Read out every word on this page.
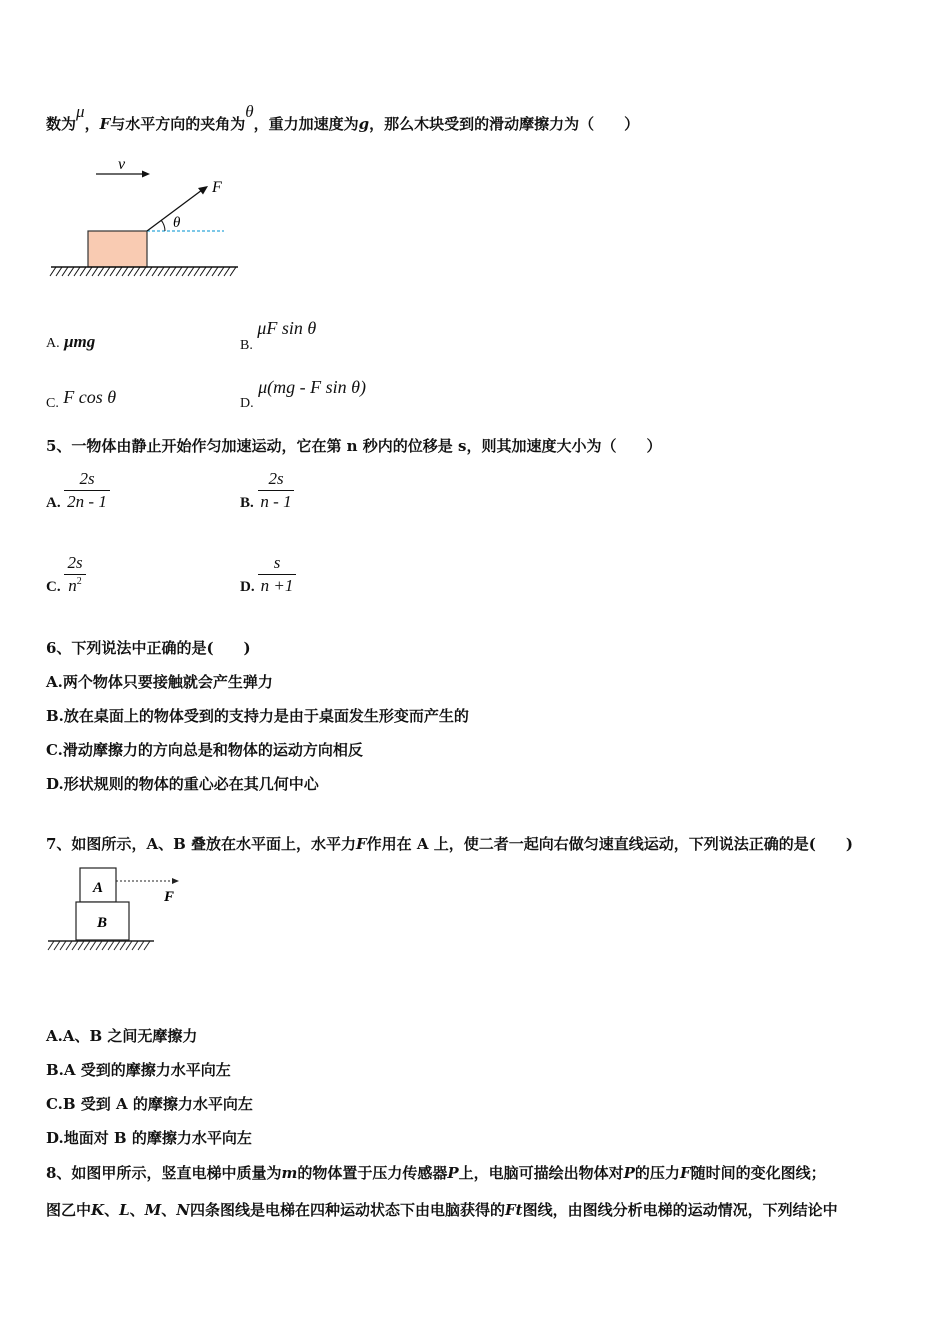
数为μ，F与水平方向的夹角为θ，重力加速度为g，那么木块受到的滑动摩擦力为（　　）
v
F
θ
A. μmg	B. μF sin θ
C. F cos θ	D. μ(mg - F sin θ)
5、一物体由静止开始作匀加速运动，它在第 n 秒内的位移是 s，则其加速度大小为（　　）
A. $\frac{2s}{2n - 1}$	B. $\frac{2s}{n - 1}$
C. $\frac{2s}{n^2}$	D. $\frac{s}{n +1}$
6、下列说法中正确的是(　　)
A.两个物体只要接触就会产生弹力
B.放在桌面上的物体受到的支持力是由于桌面发生形变而产生的
C.滑动摩擦力的方向总是和物体的运动方向相反
D.形状规则的物体的重心必在其几何中心
7、如图所示，A、B 叠放在水平面上，水平力F作用在 A 上，使二者一起向右做匀速直线运动，下列说法正确的是(　　)
A
B
F
A.A、B 之间无摩擦力
B.A 受到的摩擦力水平向左
C.B 受到 A 的摩擦力水平向左
D.地面对 B 的摩擦力水平向左
8、如图甲所示，竖直电梯中质量为m的物体置于压力传感器P上，电脑可描绘出物体对P的压力F随时间的变化图线；
图乙中K、L、M、N四条图线是电梯在四种运动状态下由电脑获得的Ft图线，由图线分析电梯的运动情况，下列结论中
